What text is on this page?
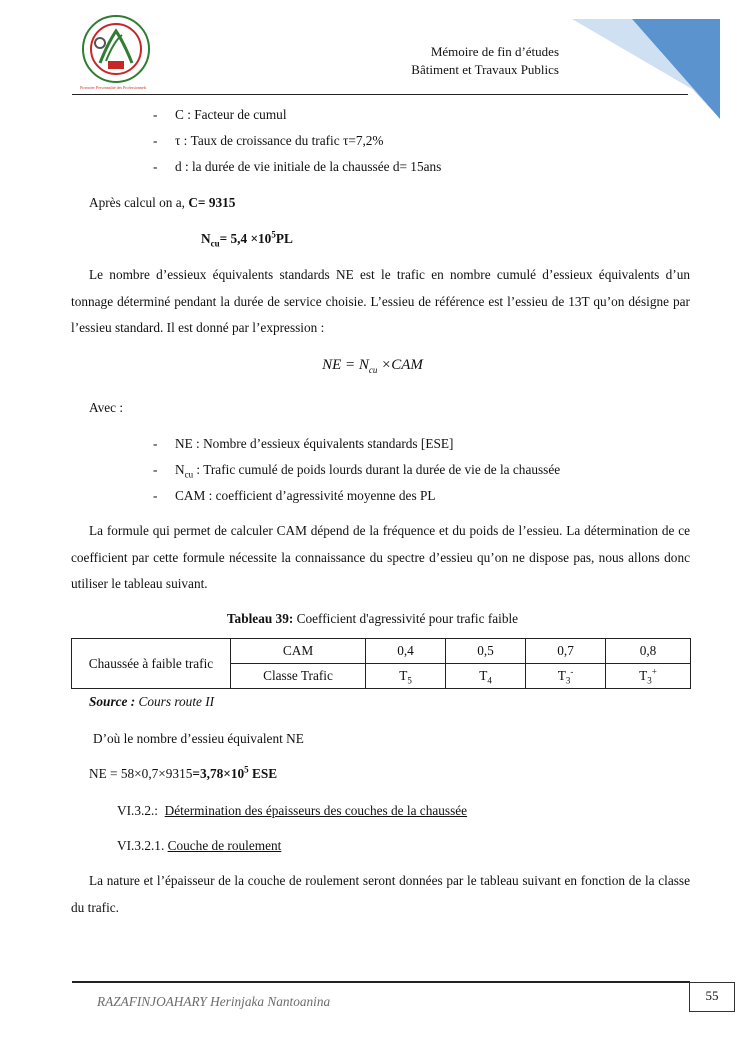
Promoter Personnalité des Professionnels
Mémoire de fin d’études
Bâtiment et Travaux Publics
- C : Facteur de cumul
- τ : Taux de croissance du trafic τ=7,2%
- d : la durée de vie initiale de la chaussée d= 15ans
Après calcul on a, C= 9315
$N_{cu}= 5,4 \times 10^5PL$
Le nombre d’essieux équivalents standards NE est le trafic en nombre cumulé d’essieux équivalents d’un tonnage déterminé pendant la durée de service choisie. L’essieu de référence est l’essieu de 13T qu’on désigne par l’essieu standard. Il est donné par l’expression :
NE = $N_{cu} \times CAM$
Avec :
- NE : Nombre d’essieux équivalents standards [ESE]
- $N_{cu}$ : Trafic cumulé de poids lourds durant la durée de vie de la chaussée
- CAM : coefficient d’agressivité moyenne des PL
La formule qui permet de calculer CAM dépend de la fréquence et du poids de l’essieu. La détermination de ce coefficient par cette formule nécessite la connaissance du spectre d’essieu qu’on ne dispose pas, nous allons donc utiliser le tableau suivant.
Tableau 39: Coefficient d'agressivité pour trafic faible
Chaussée à faible trafic	CAM	0,4	0,5	0,7	0,8
	Classe Trafic	$T_5$	$T_4$	$T_3^-$	$T_3^+$
Source : Cours route II
D’où le nombre d’essieu équivalent NE
NE = $58\times 0,7\times 9315=3,78\times 10^5$ ESE
VI.3.2.: Détermination des épaisseurs des couches de la chaussée
VI.3.2.1. Couche de roulement
La nature et l’épaisseur de la couche de roulement seront données par le tableau suivant en fonction de la classe du trafic.
RAZAFINJOAHARY Herinjaka Nantoanina	55
